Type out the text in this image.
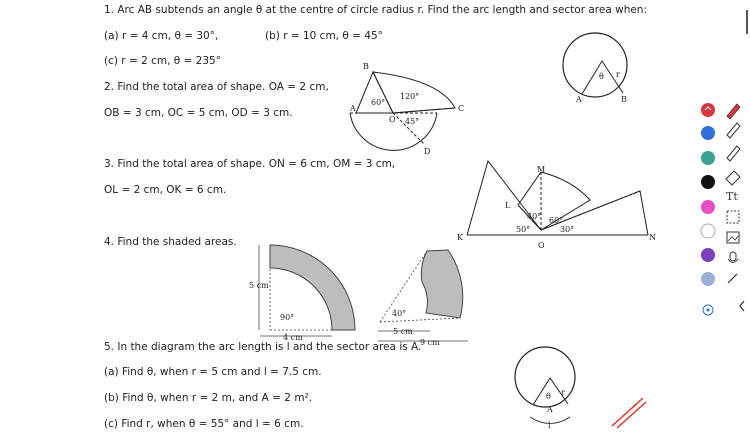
1. Arc AB subtends an angle θ at the centre of circle radius r. Find the arc length and sector area when:
(a) r = 4 cm, θ = 30°,	(b) r = 10 cm, θ = 45°
(c) r = 2 cm, θ = 235°
2. Find the total area of shape. OA = 2 cm,
OB = 3 cm, OC = 5 cm, OD = 3 cm.
3. Find the total area of shape. ON = 6 cm, OM = 3 cm,
OL = 2 cm, OK = 6 cm.
4. Find the shaded areas.
5. In the diagram the arc length is l and the sector area is A.
(a) Find θ, when r = 5 cm and l = 7.5 cm.
(b) Find θ, when r = 2 m, and A = 2 m².
(c) Find r, when θ = 55° and l = 6 cm.
θ r
A	B
B
A
O
C
D
60°
120°
45°
M
L
K	N
O
40° 60°
50°	30°
5 cm
90°
4 cm
40°
5 cm
9 cm
θ r
A
l
Tt
